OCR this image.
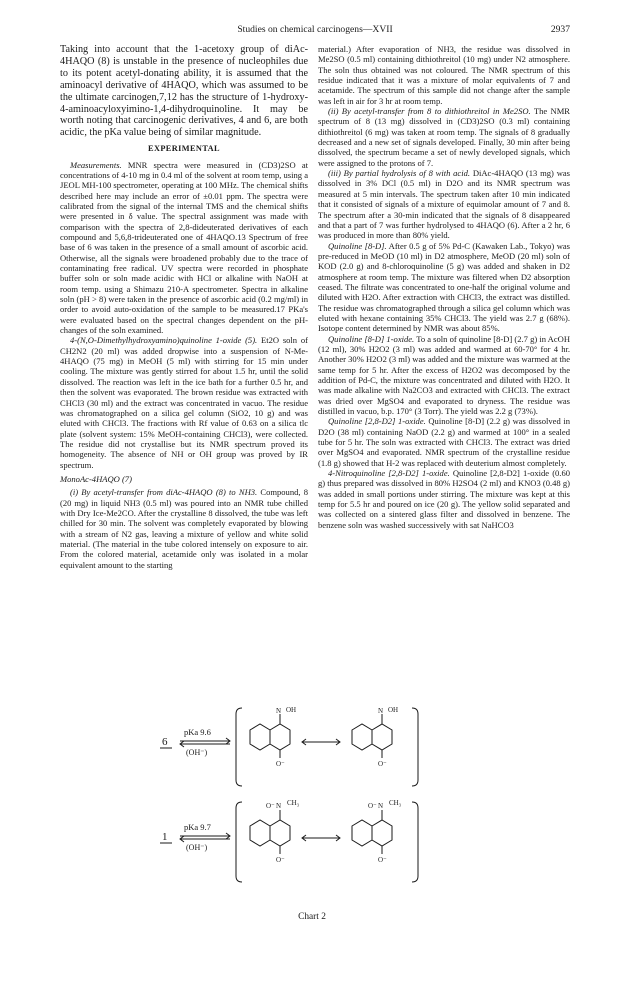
Studies on chemical carcinogens—XVII	2937

Taking into account that the 1-acetoxy group of diAc-4HAQO (8) is unstable in the presence of nucleophiles due to its potent acetyl-donating ability, it is assumed that the aminoacyl derivative of 4HAQO, which was assumed to be the ultimate carcinogen,7,12 has the structure of 1-hydroxy-4-aminoacyloxyimino-1,4-dihydroquinoline. It may be worth noting that carcinogenic derivatives, 4 and 6, are both acidic, the pKa value being of similar magnitude.

EXPERIMENTAL

Measurements. MNR spectra were measured in (CD3)2SO at concentrations of 4-10 mg in 0.4 ml of the solvent at room temp, using a JEOL MH-100 spectrometer, operating at 100 MHz. The chemical shifts described here may include an error of ±0.01 ppm. The spectra were calibrated from the signal of the internal TMS and the chemical shifts were presented in δ value. The spectral assignment was made with comparison with the spectra of 2,8-dideuterated derivatives of each compound and 5,6,8-trideuterated one of 4HAQO.13 Spectrum of free base of 6 was taken in the presence of a small amount of ascorbic acid. Otherwise, all the signals were broadened probably due to the trace of contaminating free radical. UV spectra were recorded in phosphate buffer soln or soln made acidic with HCl or alkaline with NaOH at room temp. using a Shimazu 210-A spectrometer. Spectra in alkaline soln (pH > 8) were taken in the presence of ascorbic acid (0.2 mg/ml) in order to avoid auto-oxidation of the sample to be measured.17 PKa's were evaluated based on the spectral changes dependent on the pH-changes of the soln examined.

4-(N,O-Dimethylhydroxyamino)quinoline 1-oxide (5). Et2O soln of CH2N2 (20 ml) was added dropwise into a suspension of N-Me-4HAQO (75 mg) in MeOH (5 ml) with stirring for 15 min under cooling. The mixture was gently stirred for about 1.5 hr, until the solid dissolved. The reaction was left in the ice bath for a further 0.5 hr, and then the solvent was evaporated. The brown residue was extracted with CHCl3 (30 ml) and the extract was concentrated in vacuo. The residue was chromatographed on a silica gel column (SiO2, 10 g) and was eluted with CHCl3. The fractions with Rf value of 0.63 on a silica tlc plate (solvent system: 15% MeOH-containing CHCl3), were collected. The residue did not crystallise but its NMR spectrum proved its homogeneity. The absence of NH or OH group was proved by IR spectrum.

MonoAc-4HAQO (7)

(i) By acetyl-transfer from diAc-4HAQO (8) to NH3. Compound, 8 (20 mg) in liquid NH3 (0.5 ml) was poured into an NMR tube chilled with Dry Ice-Me2CO. After the crystalline 8 dissolved, the tube was left chilled for 30 min. The solvent was completely evaporated by blowing with a stream of N2 gas, leaving a mixture of yellow and white solid material. (The material in the tube colored intensely on exposure to air. From the colored material, acetamide only was isolated in a molar equivalent amount to the starting

material.) After evaporation of NH3, the residue was dissolved in Me2SO (0.5 ml) containing dithiothreitol (10 mg) under N2 atmosphere. The soln thus obtained was not coloured. The NMR spectrum of this residue indicated that it was a mixture of molar equivalents of 7 and acetamide. The spectrum of this sample did not change after the sample was left in air for 3 hr at room temp.

(ii) By acetyl-transfer from 8 to dithiothreitol in Me2SO. The NMR spectrum of 8 (13 mg) dissolved in (CD3)2SO (0.3 ml) containing dithiothreitol (6 mg) was taken at room temp. The signals of 8 gradually decreased and a new set of signals developed. Finally, 30 min after being dissolved, the spectrum became a set of newly developed signals, which were assigned to the protons of 7.

(iii) By partial hydrolysis of 8 with acid. DiAc-4HAQO (13 mg) was dissolved in 3% DCl (0.5 ml) in D2O and its NMR spectrum was measured at 5 min intervals. The spectrum taken after 10 min indicated that it consisted of signals of a mixture of equimolar amount of 7 and 8. The spectrum after a 30-min indicated that the signals of 8 disappeared and that a part of 7 was further hydrolysed to 4HAQO (6). After a 2 hr, 6 was produced in more than 80% yield.

Quinoline [8-D]. After 0.5 g of 5% Pd-C (Kawaken Lab., Tokyo) was pre-reduced in MeOD (10 ml) in D2 atmosphere, MeOD (20 ml) soln of KOD (2.0 g) and 8-chloroquinoline (5 g) was added and shaken in D2 atmosphere at room temp. The mixture was filtered when D2 absorption ceased. The filtrate was concentrated to one-half the original volume and diluted with H2O. After extraction with CHCl3, the extract was distilled. The residue was chromatographed through a silica gel column which was eluted with hexane containing 35% CHCl3. The yield was 2.7 g (68%). Isotope content determined by NMR was about 85%.

Quinoline [8-D] 1-oxide. To a soln of quinoline [8-D] (2.7 g) in AcOH (12 ml), 30% H2O2 (3 ml) was added and warmed at 60-70° for 4 hr. Another 30% H2O2 (3 ml) was added and the mixture was warmed at the same temp for 5 hr. After the excess of H2O2 was decomposed by the addition of Pd-C, the mixture was concentrated and diluted with H2O. It was made alkaline with Na2CO3 and extracted with CHCl3. The extract was dried over MgSO4 and evaporated to dryness. The residue was distilled in vacuo, b.p. 170° (3 Torr). The yield was 2.2 g (73%).

Quinoline [2,8-D2] 1-oxide. Quinoline [8-D] (2.2 g) was dissolved in D2O (38 ml) containing NaOD (2.2 g) and warmed at 100° in a sealed tube for 5 hr. The soln was extracted with CHCl3. The extract was dried over MgSO4 and evaporated. NMR spectrum of the crystalline residue (1.8 g) showed that H-2 was replaced with deuterium almost completely.

4-Nitroquinoline [2,8-D2] 1-oxide. Quinoline [2,8-D2] 1-oxide (0.60 g) thus prepared was dissolved in 80% H2SO4 (2 ml) and KNO3 (0.48 g) was added in small portions under stirring. The mixture was kept at this temp for 5.5 hr and poured on ice (20 g). The yellow solid separated and was collected on a sintered glass filter and dissolved in benzene. The benzene soln was washed successively with sat NaHCO3

6
pKa 9.6
(OH⁻)
N OH
O⁻
N OH
O⁻
1
pKa 9.7
(OH⁻)
O⁻ N CH₃
O⁻
O⁻ N CH₃
O⁻
Chart 2
